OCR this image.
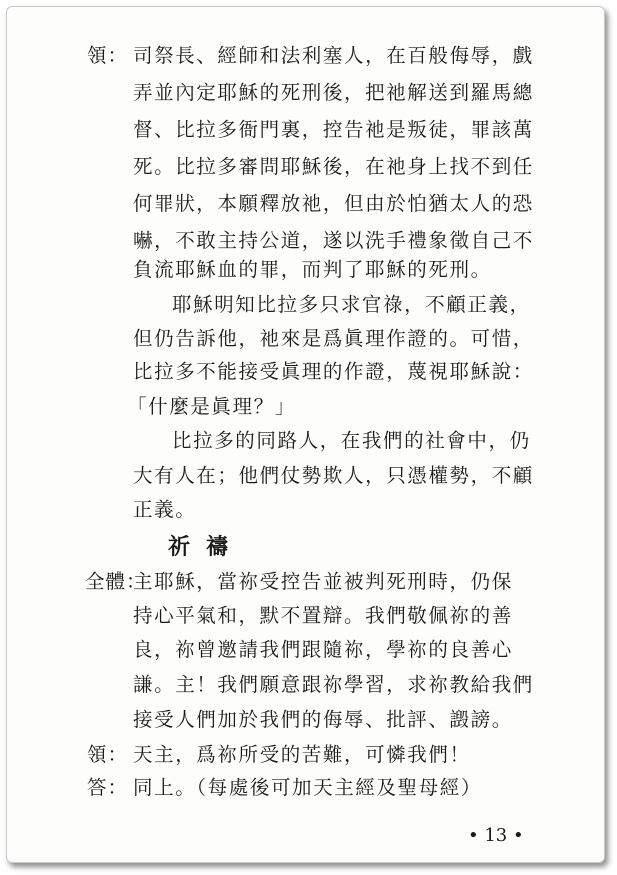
領： 司祭長、經師和法利塞人，在百般侮辱，戲
弄並內定耶穌的死刑後，把祂解送到羅馬總
督、比拉多衙門裏，控告祂是叛徒，罪該萬
死。比拉多審問耶穌後，在祂身上找不到任
何罪狀，本願釋放祂，但由於怕猶太人的恐
嚇，不敢主持公道，遂以洗手禮象徵自己不
負流耶穌血的罪，而判了耶穌的死刑。
耶穌明知比拉多只求官祿，不顧正義，
但仍告訴他，祂來是爲眞理作證的。可惜，
比拉多不能接受眞理的作證，蔑視耶穌說：
「什麼是眞理？」
比拉多的同路人，在我們的社會中，仍
大有人在；他們仗勢欺人，只憑權勢，不顧
正義。
祈禱
全體：
主耶穌，當祢受控告並被判死刑時，仍保
持心平氣和，默不置辯。我們敬佩祢的善
良，祢曾邀請我們跟隨祢，學祢的良善心
謙。主！我們願意跟祢學習，求祢教給我們
接受人們加於我們的侮辱、批評、譭謗。
領： 天主，爲祢所受的苦難，可憐我們！
答： 同上。（每處後可加天主經及聖母經）
• 13 •
